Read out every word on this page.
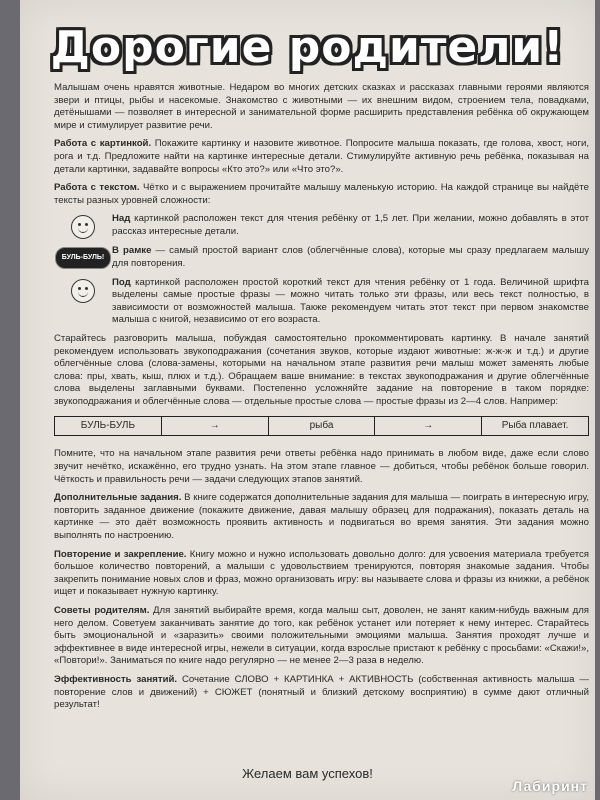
Дорогие родители!

Малышам очень нравятся животные. Недаром во многих детских сказках и рассказах главными героями являются звери и птицы, рыбы и насекомые. Знакомство с животными — их внешним видом, строением тела, повадками, детёнышами — позволяет в интересной и занимательной форме расширить представления ребёнка об окружающем мире и стимулирует развитие речи.

Работа с картинкой. Покажите картинку и назовите животное. Попросите малыша показать, где голова, хвост, ноги, рога и т.д. Предложите найти на картинке интересные детали. Стимулируйте активную речь ребёнка, показывая на детали картинки, задавайте вопросы «Кто это?» или «Что это?».

Работа с текстом. Чётко и с выражением прочитайте малышу маленькую историю. На каждой странице вы найдёте тексты разных уровней сложности:

Над картинкой расположен текст для чтения ребёнку от 1,5 лет. При желании, можно добавлять в этот рассказ интересные детали.
БУЛЬ-БУЛЬ!
В рамке — самый простой вариант слов (облегчённые слова), которые мы сразу предлагаем малышу для повторения.
Под картинкой расположен простой короткий текст для чтения ребёнку от 1 года. Величиной шрифта выделены самые простые фразы — можно читать только эти фразы, или весь текст полностью, в зависимости от возможностей малыша. Также рекомендуем читать этот текст при первом знакомстве малыша с книгой, независимо от его возраста.

Старайтесь разговорить малыша, побуждая самостоятельно прокомментировать картинку. В начале занятий рекомендуем использовать звукоподражания (сочетания звуков, которые издают животные: ж-ж-ж и т.д.) и другие облегчённые слова (слова-замены, которыми на начальном этапе развития речи малыш может заменять любые слова: пры, хвать, кыш, плюх и т.д.). Обращаем ваше внимание: в текстах звукоподражания и другие облегчённые слова выделены заглавными буквами. Постепенно усложняйте задание на повторение в таком порядке: звукоподражания и облегчённые слова — отдельные простые слова — простые фразы из 2—4 слов. Например:

БУЛЬ-БУЛЬ	→	рыба	→	Рыба плавает.

Помните, что на начальном этапе развития речи ответы ребёнка надо принимать в любом виде, даже если слово звучит нечётко, искажённо, его трудно узнать. На этом этапе главное — добиться, чтобы ребёнок больше говорил. Чёткость и правильность речи — задачи следующих этапов занятий.

Дополнительные задания. В книге содержатся дополнительные задания для малыша — поиграть в интересную игру, повторить заданное движение (покажите движение, давая малышу образец для подражания), показать деталь на картинке — это даёт возможность проявить активность и подвигаться во время занятия. Эти задания можно выполнять по настроению.

Повторение и закрепление. Книгу можно и нужно использовать довольно долго: для усвоения материала требуется большое количество повторений, а малыши с удовольствием тренируются, повторяя знакомые задания. Чтобы закрепить понимание новых слов и фраз, можно организовать игру: вы называете слова и фразы из книжки, а ребёнок ищет и показывает нужную картинку.

Советы родителям. Для занятий выбирайте время, когда малыш сыт, доволен, не занят каким-нибудь важным для него делом. Советуем заканчивать занятие до того, как ребёнок устанет или потеряет к нему интерес. Старайтесь быть эмоциональной и «заразить» своими положительными эмоциями малыша. Занятия проходят лучше и эффективнее в виде интересной игры, нежели в ситуации, когда взрослые пристают к ребёнку с просьбами: «Скажи!», «Повтори!». Заниматься по книге надо регулярно — не менее 2—3 раза в неделю.

Эффективность занятий. Сочетание СЛОВО + КАРТИНКА + АКТИВНОСТЬ (собственная активность малыша — повторение слов и движений) + СЮЖЕТ (понятный и близкий детскому восприятию) в сумме дают отличный результат!

Желаем вам успехов!
Лабиринт
